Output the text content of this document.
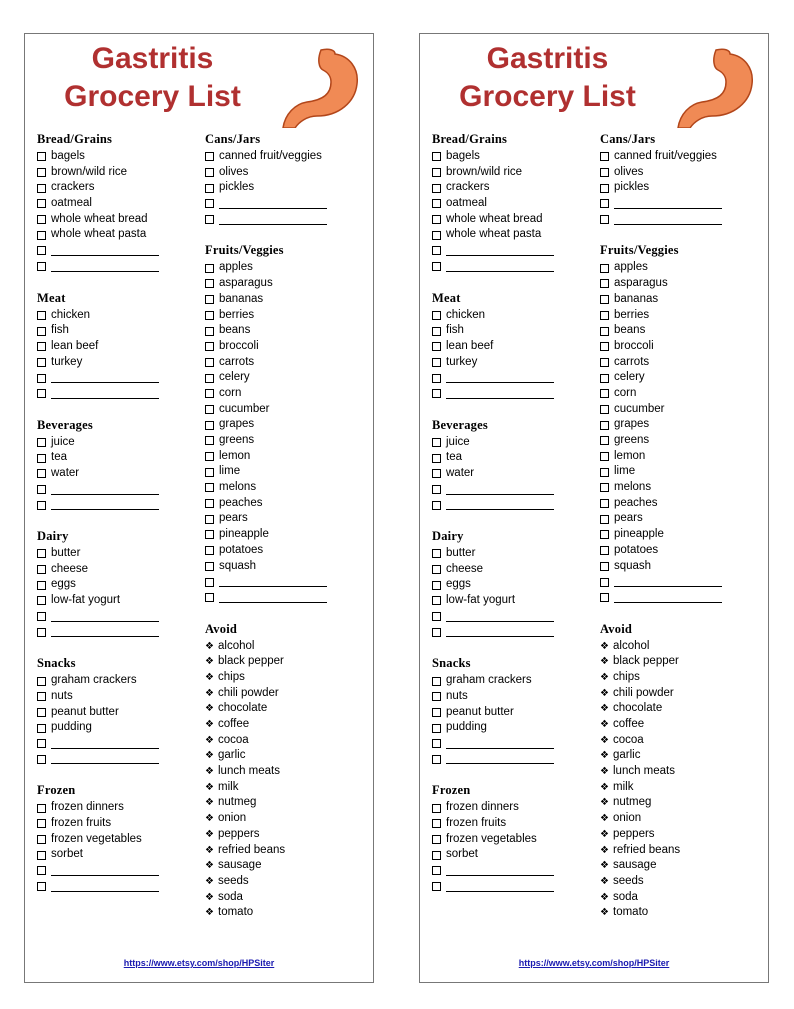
Gastritis
Grocery List
Bread/Grains
bagels
brown/wild rice
crackers
oatmeal
whole wheat bread
whole wheat pasta
Meat
chicken
fish
lean beef
turkey
Beverages
juice
tea
water
Dairy
butter
cheese
eggs
low-fat yogurt
Snacks
graham crackers
nuts
peanut butter
pudding
Frozen
frozen dinners
frozen fruits
frozen vegetables
sorbet
Cans/Jars
canned fruit/veggies
olives
pickles
Fruits/Veggies
apples
asparagus
bananas
berries
beans
broccoli
carrots
celery
corn
cucumber
grapes
greens
lemon
lime
melons
peaches
pears
pineapple
potatoes
squash
Avoid
❖ alcohol
❖ black pepper
❖ chips
❖ chili powder
❖ chocolate
❖ coffee
❖ cocoa
❖ garlic
❖ lunch meats
❖ milk
❖ nutmeg
❖ onion
❖ peppers
❖ refried beans
❖ sausage
❖ seeds
❖ soda
❖ tomato
https://www.etsy.com/shop/HPSiter
Gastritis
Grocery List
Bread/Grains
bagels
brown/wild rice
crackers
oatmeal
whole wheat bread
whole wheat pasta
Meat
chicken
fish
lean beef
turkey
Beverages
juice
tea
water
Dairy
butter
cheese
eggs
low-fat yogurt
Snacks
graham crackers
nuts
peanut butter
pudding
Frozen
frozen dinners
frozen fruits
frozen vegetables
sorbet
Cans/Jars
canned fruit/veggies
olives
pickles
Fruits/Veggies
apples
asparagus
bananas
berries
beans
broccoli
carrots
celery
corn
cucumber
grapes
greens
lemon
lime
melons
peaches
pears
pineapple
potatoes
squash
Avoid
❖ alcohol
❖ black pepper
❖ chips
❖ chili powder
❖ chocolate
❖ coffee
❖ cocoa
❖ garlic
❖ lunch meats
❖ milk
❖ nutmeg
❖ onion
❖ peppers
❖ refried beans
❖ sausage
❖ seeds
❖ soda
❖ tomato
https://www.etsy.com/shop/HPSiter
